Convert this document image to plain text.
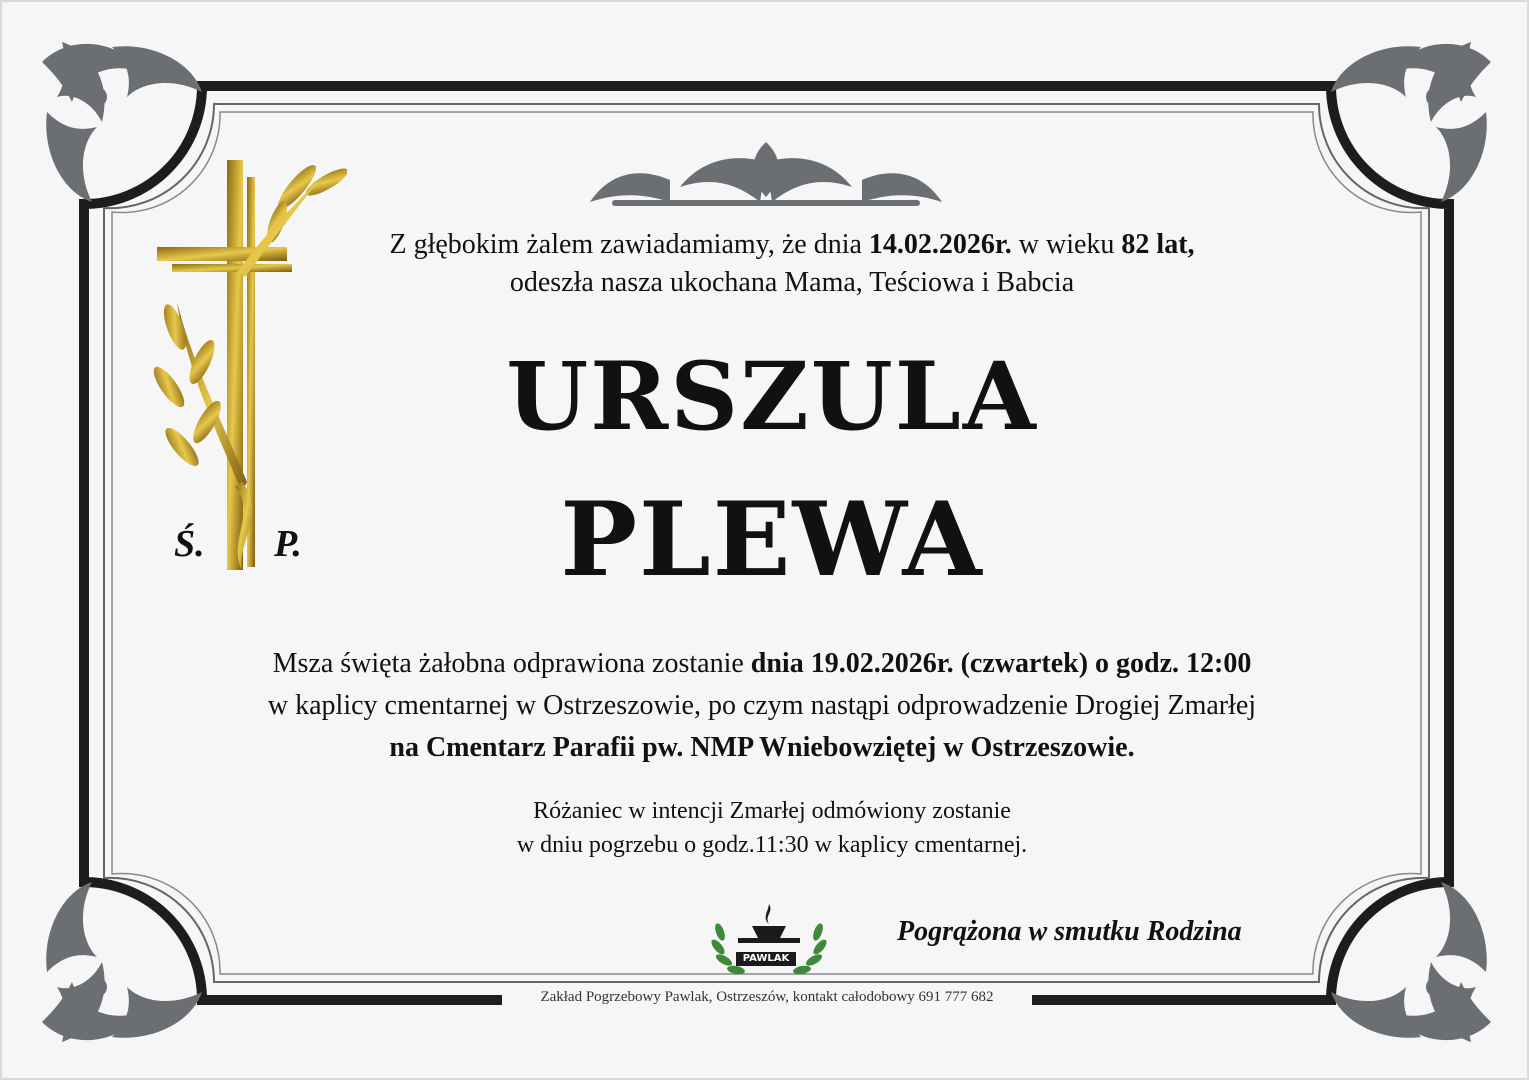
Ś. P.
Z głębokim żalem zawiadamiamy, że dnia 14.02.2026r. w wieku 82 lat,
odeszła nasza ukochana Mama, Teściowa i Babcia
URSZULA
PLEWA
Msza święta żałobna odprawiona zostanie dnia 19.02.2026r. (czwartek) o godz. 12:00
w kaplicy cmentarnej w Ostrzeszowie, po czym nastąpi odprowadzenie Drogiej Zmarłej
na Cmentarz Parafii pw. NMP Wniebowziętej w Ostrzeszowie.
Różaniec w intencji Zmarłej odmówiony zostanie
w dniu pogrzebu o godz.11:30 w kaplicy cmentarnej.
PAWLAK
Pogrążona w smutku Rodzina
Zakład Pogrzebowy Pawlak, Ostrzeszów, kontakt całodobowy 691 777 682
